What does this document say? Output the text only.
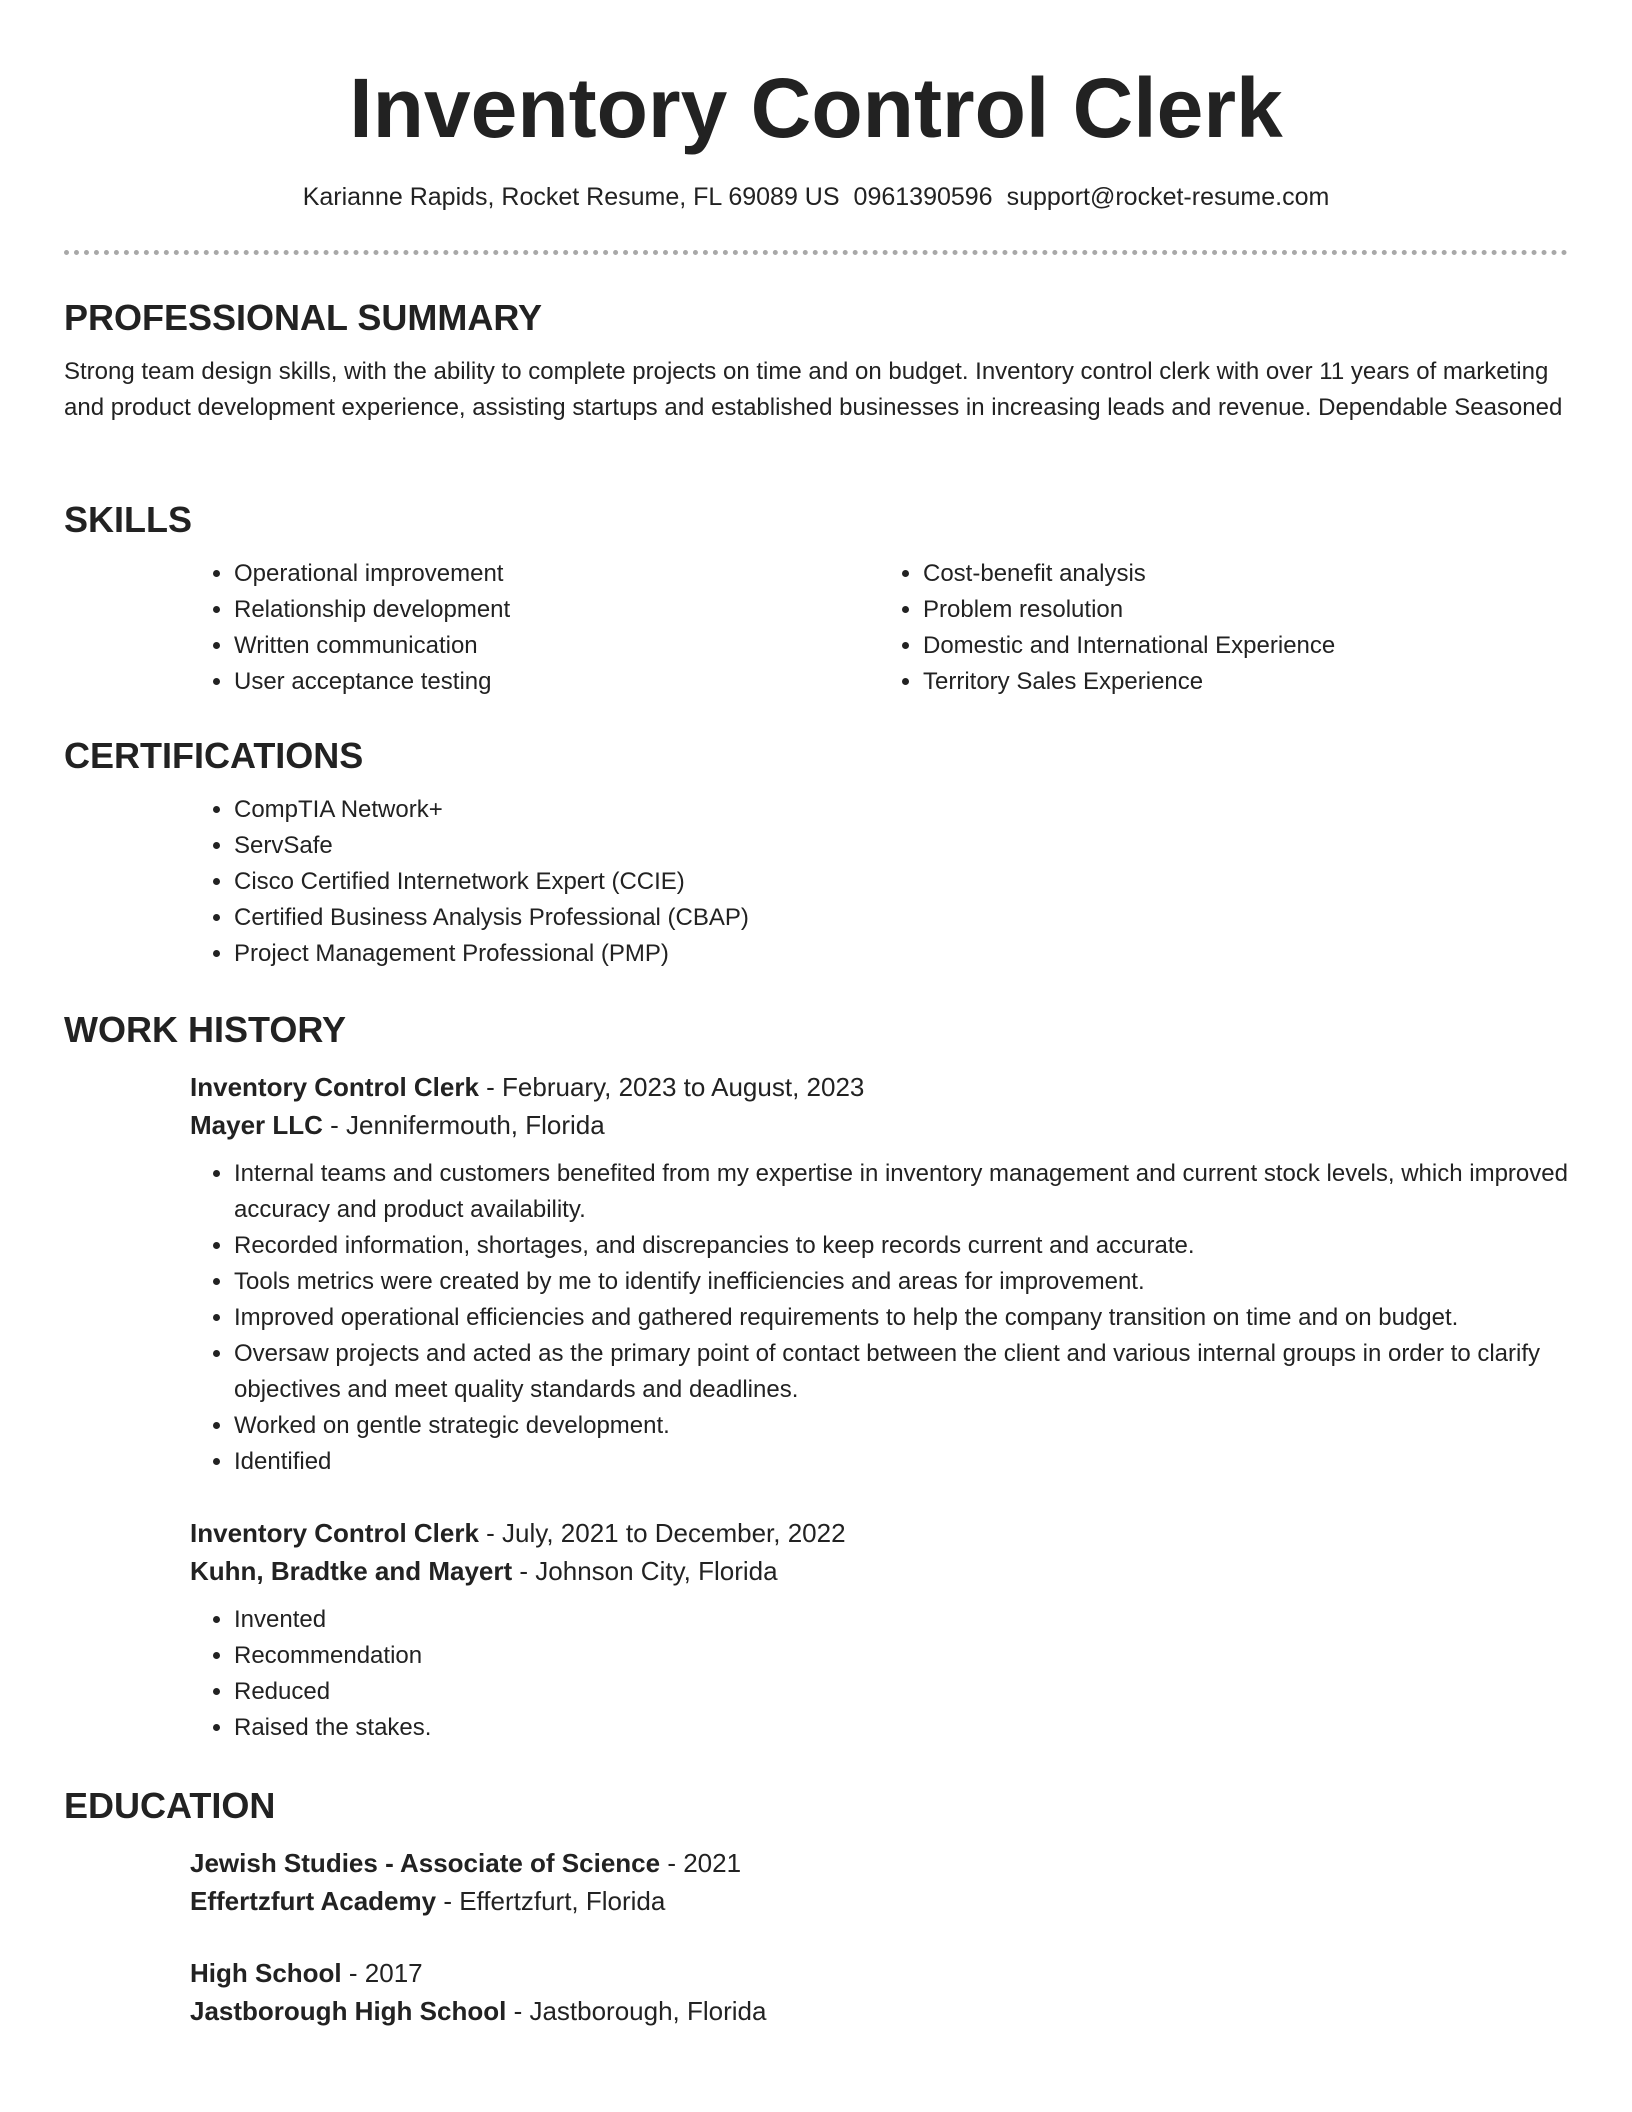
Inventory Control Clerk

Karianne Rapids, Rocket Resume, FL 69089 US 0961390596 support@rocket-resume.com

PROFESSIONAL SUMMARY

Strong team design skills, with the ability to complete projects on time and on budget. Inventory control clerk with over 11 years of marketing and product development experience, assisting startups and established businesses in increasing leads and revenue. Dependable Seasoned

SKILLS
• Operational improvement
• Relationship development
• Written communication
• User acceptance testing
• Cost-benefit analysis
• Problem resolution
• Domestic and International Experience
• Territory Sales Experience
CERTIFICATIONS
• CompTIA Network+
• ServSafe
• Cisco Certified Internetwork Expert (CCIE)
• Certified Business Analysis Professional (CBAP)
• Project Management Professional (PMP)
WORK HISTORY
Inventory Control Clerk - February, 2023 to August, 2023
Mayer LLC - Jennifermouth, Florida
• Internal teams and customers benefited from my expertise in inventory management and current stock levels, which improved accuracy and product availability.
• Recorded information, shortages, and discrepancies to keep records current and accurate.
• Tools metrics were created by me to identify inefficiencies and areas for improvement.
• Improved operational efficiencies and gathered requirements to help the company transition on time and on budget.
• Oversaw projects and acted as the primary point of contact between the client and various internal groups in order to clarify objectives and meet quality standards and deadlines.
• Worked on gentle strategic development.
• Identified
Inventory Control Clerk - July, 2021 to December, 2022
Kuhn, Bradtke and Mayert - Johnson City, Florida
• Invented
• Recommendation
• Reduced
• Raised the stakes.
EDUCATION
Jewish Studies - Associate of Science - 2021
Effertzfurt Academy - Effertzfurt, Florida
High School - 2017
Jastborough High School - Jastborough, Florida
